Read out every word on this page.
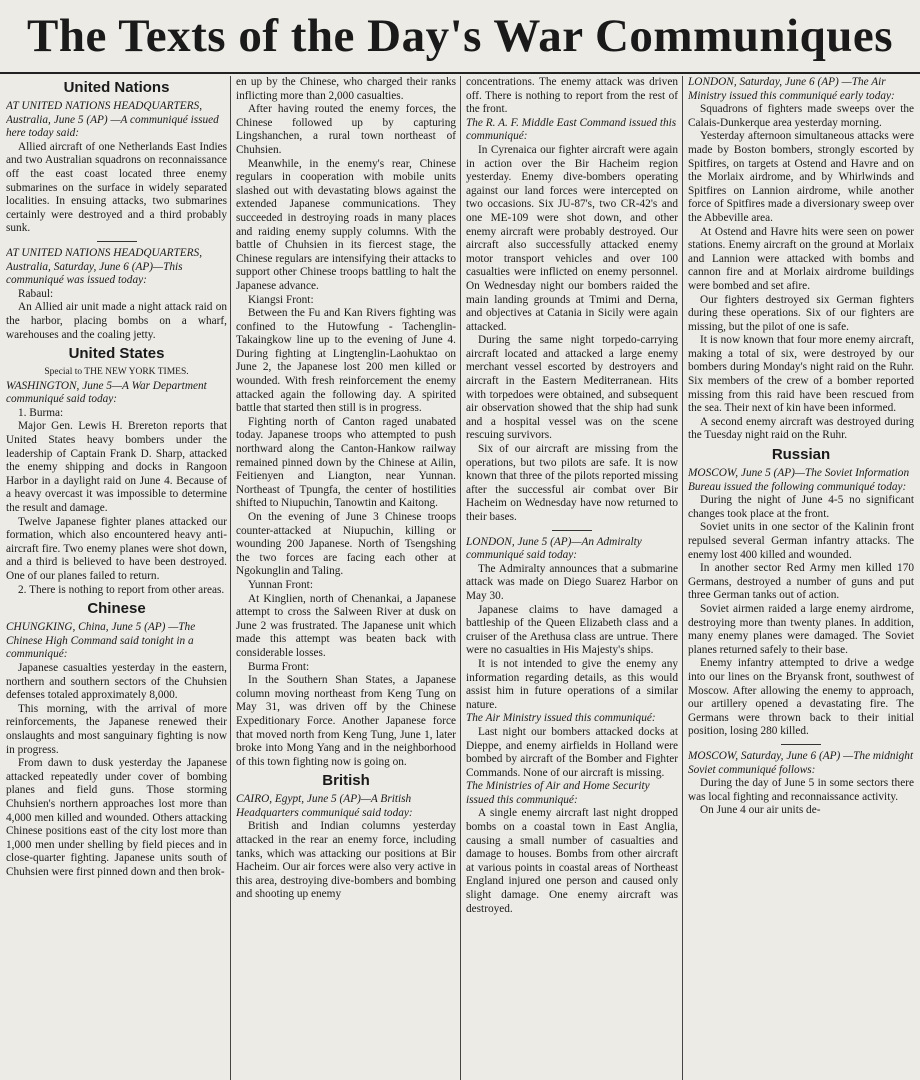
The Texts of the Day's War Communiques
United Nations

AT UNITED NATIONS HEADQUARTERS, Australia, June 5 (AP) —A communiqué issued here today said:

Allied aircraft of one Netherlands East Indies and two Australian squadrons on reconnaissance off the east coast located three enemy submarines on the surface in widely separated localities. In ensuing attacks, two submarines certainly were destroyed and a third probably sunk.

AT UNITED NATIONS HEADQUARTERS, Australia, Saturday, June 6 (AP)—This communiqué was issued today:

Rabaul:

An Allied air unit made a night attack raid on the harbor, placing bombs on a wharf, warehouses and the coaling jetty.

United States

Special to THE NEW YORK TIMES.

WASHINGTON, June 5—A War Department communiqué said today:

1. Burma:

Major Gen. Lewis H. Brereton reports that United States heavy bombers under the leadership of Captain Frank D. Sharp, attacked the enemy shipping and docks in Rangoon Harbor in a daylight raid on June 4. Because of a heavy overcast it was impossible to determine the result and damage.

Twelve Japanese fighter planes attacked our formation, which also encountered heavy anti-aircraft fire. Two enemy planes were shot down, and a third is believed to have been destroyed. One of our planes failed to return.

2. There is nothing to report from other areas.

Chinese

CHUNGKING, China, June 5 (AP) —The Chinese High Command said tonight in a communiqué:

Japanese casualties yesterday in the eastern, northern and southern sectors of the Chuhsien defenses totaled approximately 8,000.

This morning, with the arrival of more reinforcements, the Japanese renewed their onslaughts and most sanguinary fighting is now in progress.

From dawn to dusk yesterday the Japanese attacked repeatedly under cover of bombing planes and field guns. Those storming Chuhsien's northern approaches lost more than 4,000 men killed and wounded. Others attacking Chinese positions east of the city lost more than 1,000 men under shelling by field pieces and in close-quarter fighting. Japanese units south of Chuhsien were first pinned down and then brok-

en up by the Chinese, who charged their ranks inflicting more than 2,000 casualties.

After having routed the enemy forces, the Chinese followed up by capturing Lingshanchen, a rural town northeast of Chuhsien.

Meanwhile, in the enemy's rear, Chinese regulars in cooperation with mobile units slashed out with devastating blows against the extended Japanese communications. They succeeded in destroying roads in many places and raiding enemy supply columns. With the battle of Chuhsien in its fiercest stage, the Chinese regulars are intensifying their attacks to support other Chinese troops battling to halt the Japanese advance.

Kiangsi Front:

Between the Fu and Kan Rivers fighting was confined to the Hutowfung - Tachenglin-Takaingkow line up to the evening of June 4. During fighting at Lingtenglin-Laohuktao on June 2, the Japanese lost 200 men killed or wounded. With fresh reinforcement the enemy attacked again the following day. A spirited battle that started then still is in progress.

Fighting north of Canton raged unabated today. Japanese troops who attempted to push northward along the Canton-Hankow railway remained pinned down by the Chinese at Ailin, Feitienyen and Liangton, near Yunnan. Northeast of Tpungfa, the center of hostilities shifted to Niupuchin, Tanowtin and Kaitong.

On the evening of June 3 Chinese troops counter-attacked at Niupuchin, killing or wounding 200 Japanese. North of Tsengshing the two forces are facing each other at Ngokunglin and Taling.

Yunnan Front:

At Kinglien, north of Chenankai, a Japanese attempt to cross the Salween River at dusk on June 2 was frustrated. The Japanese unit which made this attempt was beaten back with considerable losses.

Burma Front:

In the Southern Shan States, a Japanese column moving northeast from Keng Tung on May 31, was driven off by the Chinese Expeditionary Force. Another Japanese force that moved north from Keng Tung, June 1, later broke into Mong Yang and in the neighborhood of this town fighting now is going on.

British

CAIRO, Egypt, June 5 (AP)—A British Headquarters communiqué said today:

British and Indian columns yesterday attacked in the rear an enemy force, including tanks, which was attacking our positions at Bir Hacheim. Our air forces were also very active in this area, destroying dive-bombers and bombing and shooting up enemy

concentrations. The enemy attack was driven off. There is nothing to report from the rest of the front.

The R. A. F. Middle East Command issued this communiqué:

In Cyrenaica our fighter aircraft were again in action over the Bir Hacheim region yesterday. Enemy dive-bombers operating against our land forces were intercepted on two occasions. Six JU-87's, two CR-42's and one ME-109 were shot down, and other enemy aircraft were probably destroyed. Our aircraft also successfully attacked enemy motor transport vehicles and over 100 casualties were inflicted on enemy personnel. On Wednesday night our bombers raided the main landing grounds at Tmimi and Derna, and objectives at Catania in Sicily were again attacked.

During the same night torpedo-carrying aircraft located and attacked a large enemy merchant vessel escorted by destroyers and aircraft in the Eastern Mediterranean. Hits with torpedoes were obtained, and subsequent air observation showed that the ship had sunk and a hospital vessel was on the scene rescuing survivors.

Six of our aircraft are missing from the operations, but two pilots are safe. It is now known that three of the pilots reported missing after the successful air combat over Bir Hacheim on Wednesday have now returned to their bases.

LONDON, June 5 (AP)—An Admiralty communiqué said today:

The Admiralty announces that a submarine attack was made on Diego Suarez Harbor on May 30.

Japanese claims to have damaged a battleship of the Queen Elizabeth class and a cruiser of the Arethusa class are untrue. There were no casualties in His Majesty's ships.

It is not intended to give the enemy any information regarding details, as this would assist him in future operations of a similar nature.

The Air Ministry issued this communiqué:

Last night our bombers attacked docks at Dieppe, and enemy airfields in Holland were bombed by aircraft of the Bomber and Fighter Commands. None of our aircraft is missing.

The Ministries of Air and Home Security issued this communiqué:

A single enemy aircraft last night dropped bombs on a coastal town in East Anglia, causing a small number of casualties and damage to houses. Bombs from other aircraft at various points in coastal areas of Northeast England injured one person and caused only slight damage. One enemy aircraft was destroyed.

LONDON, Saturday, June 6 (AP) —The Air Ministry issued this communiqué early today:

Squadrons of fighters made sweeps over the Calais-Dunkerque area yesterday morning.

Yesterday afternoon simultaneous attacks were made by Boston bombers, strongly escorted by Spitfires, on targets at Ostend and Havre and on the Morlaix airdrome, and by Whirlwinds and Spitfires on Lannion airdrome, while another force of Spitfires made a diversionary sweep over the Abbeville area.

At Ostend and Havre hits were seen on power stations. Enemy aircraft on the ground at Morlaix and Lannion were attacked with bombs and cannon fire and at Morlaix airdrome buildings were bombed and set afire.

Our fighters destroyed six German fighters during these operations. Six of our fighters are missing, but the pilot of one is safe.

It is now known that four more enemy aircraft, making a total of six, were destroyed by our bombers during Monday's night raid on the Ruhr. Six members of the crew of a bomber reported missing from this raid have been rescued from the sea. Their next of kin have been informed.

A second enemy aircraft was destroyed during the Tuesday night raid on the Ruhr.

Russian

MOSCOW, June 5 (AP)—The Soviet Information Bureau issued the following communiqué today:

During the night of June 4-5 no significant changes took place at the front.

Soviet units in one sector of the Kalinin front repulsed several German infantry attacks. The enemy lost 400 killed and wounded.

In another sector Red Army men killed 170 Germans, destroyed a number of guns and put three German tanks out of action.

Soviet airmen raided a large enemy airdrome, destroying more than twenty planes. In addition, many enemy planes were damaged. The Soviet planes returned safely to their base.

Enemy infantry attempted to drive a wedge into our lines on the Bryansk front, southwest of Moscow. After allowing the enemy to approach, our artillery opened a devastating fire. The Germans were thrown back to their initial position, losing 280 killed.

MOSCOW, Saturday, June 6 (AP) —The midnight Soviet communiqué follows:

During the day of June 5 in some sectors there was local fighting and reconnaissance activity.

On June 4 our air units de-
